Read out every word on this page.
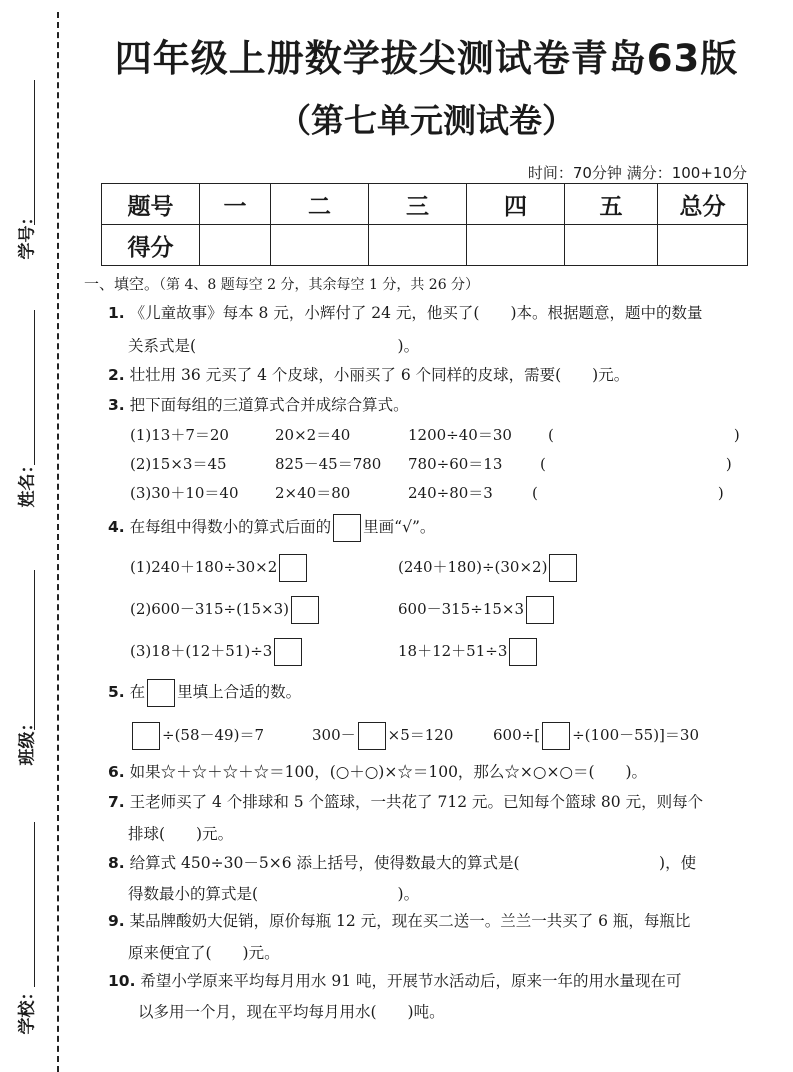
学号：
姓名：
班级：
学校：
四年级上册数学拔尖测试卷青岛63版
（第七单元测试卷）
时间：70分钟 满分：100+10分
题号	一	二	三	四	五	总分
得分						
一、填空。（第 4、8 题每空 2 分，其余每空 1 分，共 26 分）
1. 《儿童故事》每本 8 元，小辉付了 24 元，他买了(　　)本。根据题意，题中的数量
关系式是(　　　　　　　　　　　　　)。
2. 壮壮用 36 元买了 4 个皮球，小丽买了 6 个同样的皮球，需要(　　)元。
3. 把下面每组的三道算式合并成综合算式。
(1)13＋7＝20	20×2＝40	1200÷40＝30 (　　　　　　　　　　　　)
(2)15×3＝45	825－45＝780 780÷60＝13	(　　　　　　　　　　　　)
(3)30＋10＝40 2×40＝80	240÷80＝3	(　　　　　　　　　　　　)
4. 在每组中得数小的算式后面的 里画“√”。
(1)240＋180÷30×2	(240＋180)÷(30×2)
(2)600－315÷(15×3)	600－315÷15×3
(3)18＋(12＋51)÷3	18＋12＋51÷3
5. 在 里填上合适的数。
÷(58－49)＝7	300－ ×5＝120	600÷[ ÷(100－55)]＝30
6. 如果☆＋☆＋☆＋☆＝100，(○＋○)×☆＝100，那么☆×○×○＝(　　)。
7. 王老师买了 4 个排球和 5 个篮球，一共花了 712 元。已知每个篮球 80 元，则每个
排球(　　)元。
8. 给算式 450÷30－5×6 添上括号，使得数最大的算式是(　　　　　　　　　)，使
得数最小的算式是(　　　　　　　　　)。
9. 某品牌酸奶大促销，原价每瓶 12 元，现在买二送一。兰兰一共买了 6 瓶，每瓶比
原来便宜了(　　)元。
10. 希望小学原来平均每月用水 91 吨，开展节水活动后，原来一年的用水量现在可
以多用一个月，现在平均每月用水(　　)吨。
